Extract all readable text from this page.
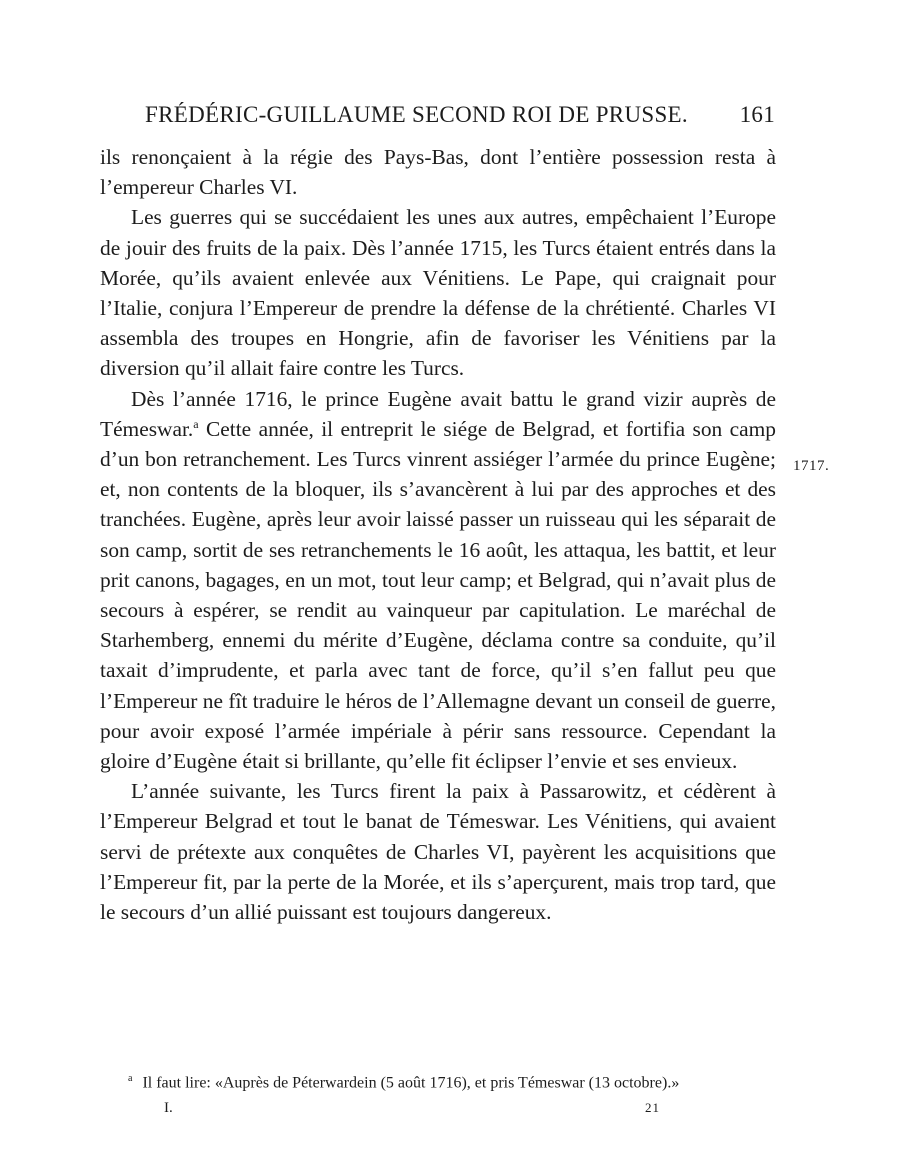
FRÉDÉRIC-GUILLAUME SECOND ROI DE PRUSSE. 161

ils renonçaient à la régie des Pays-Bas, dont l’entière possession resta à l’empereur Charles VI.

Les guerres qui se succédaient les unes aux autres, empêchaient l’Europe de jouir des fruits de la paix. Dès l’année 1715, les Turcs étaient entrés dans la Morée, qu’ils avaient enlevée aux Vénitiens. Le Pape, qui craignait pour l’Italie, conjura l’Empereur de prendre la défense de la chrétienté. Charles VI assembla des troupes en Hongrie, afin de favoriser les Vénitiens par la diversion qu’il allait faire contre les Turcs.

Dès l’année 1716, le prince Eugène avait battu le grand vizir auprès de Témeswar.$^a$ Cette année, il entreprit le siége de Belgrad, et fortifia son camp d’un bon retranchement. Les Turcs vinrent assiéger l’armée du prince Eugène; et, non contents de la bloquer, ils s’avancèrent à lui par des approches et des tranchées. Eugène, après leur avoir laissé passer un ruisseau qui les séparait de son camp, sortit de ses retranchements le 16 août, les attaqua, les battit, et leur prit canons, bagages, en un mot, tout leur camp; et Belgrad, qui n’avait plus de secours à espérer, se rendit au vainqueur par capitulation. Le maréchal de Starhemberg, ennemi du mérite d’Eugène, déclama contre sa conduite, qu’il taxait d’imprudente, et parla avec tant de force, qu’il s’en fallut peu que l’Empereur ne fît traduire le héros de l’Allemagne devant un conseil de guerre, pour avoir exposé l’armée impériale à périr sans ressource. Cependant la gloire d’Eugène était si brillante, qu’elle fit éclipser l’envie et ses envieux.

L’année suivante, les Turcs firent la paix à Passarowitz, et cédèrent à l’Empereur Belgrad et tout le banat de Témeswar. Les Vénitiens, qui avaient servi de prétexte aux conquêtes de Charles VI, payèrent les acquisitions que l’Empereur fit, par la perte de la Morée, et ils s’aperçurent, mais trop tard, que le secours d’un allié puissant est toujours dangereux.

1717.
$^a$ Il faut lire: «Auprès de Péterwardein (5 août 1716), et pris Témeswar (13 octobre).»
I.	21
